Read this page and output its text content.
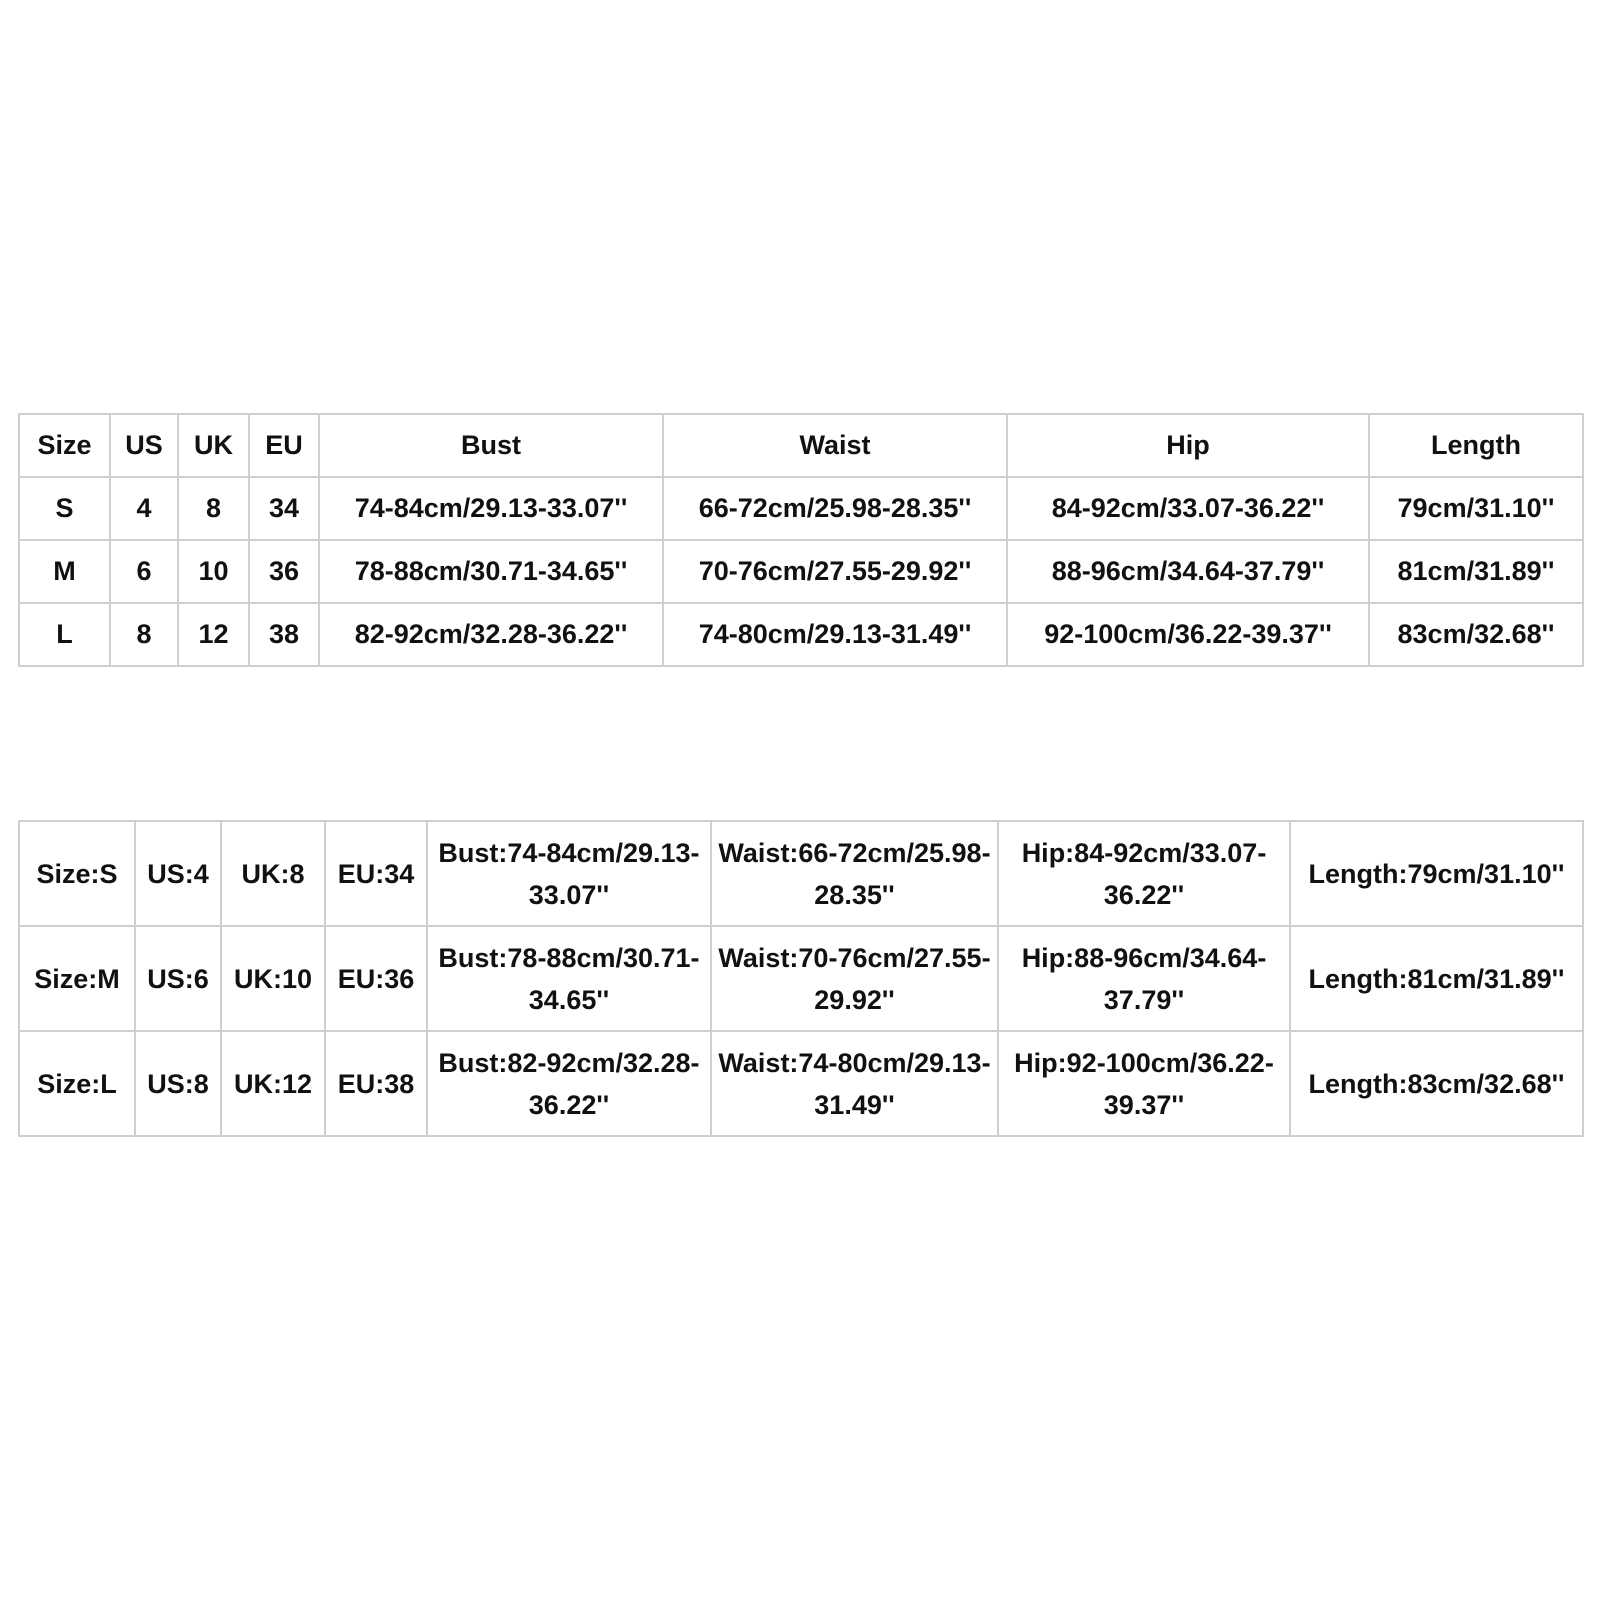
Size	US	UK	EU	Bust	Waist	Hip	Length
S	4	8	34	74-84cm/29.13-33.07''	66-72cm/25.98-28.35''	84-92cm/33.07-36.22''	79cm/31.10''
M	6	10	36	78-88cm/30.71-34.65''	70-76cm/27.55-29.92''	88-96cm/34.64-37.79''	81cm/31.89''
L	8	12	38	82-92cm/32.28-36.22''	74-80cm/29.13-31.49''	92-100cm/36.22-39.37''	83cm/32.68''
Size:S	US:4	UK:8	EU:34	Bust:74-84cm/29.13-33.07''	Waist:66-72cm/25.98-28.35''	Hip:84-92cm/33.07-36.22''	Length:79cm/31.10''
Size:M	US:6	UK:10	EU:36	Bust:78-88cm/30.71-34.65''	Waist:70-76cm/27.55-29.92''	Hip:88-96cm/34.64-37.79''	Length:81cm/31.89''
Size:L	US:8	UK:12	EU:38	Bust:82-92cm/32.28-36.22''	Waist:74-80cm/29.13-31.49''	Hip:92-100cm/36.22-39.37''	Length:83cm/32.68''
